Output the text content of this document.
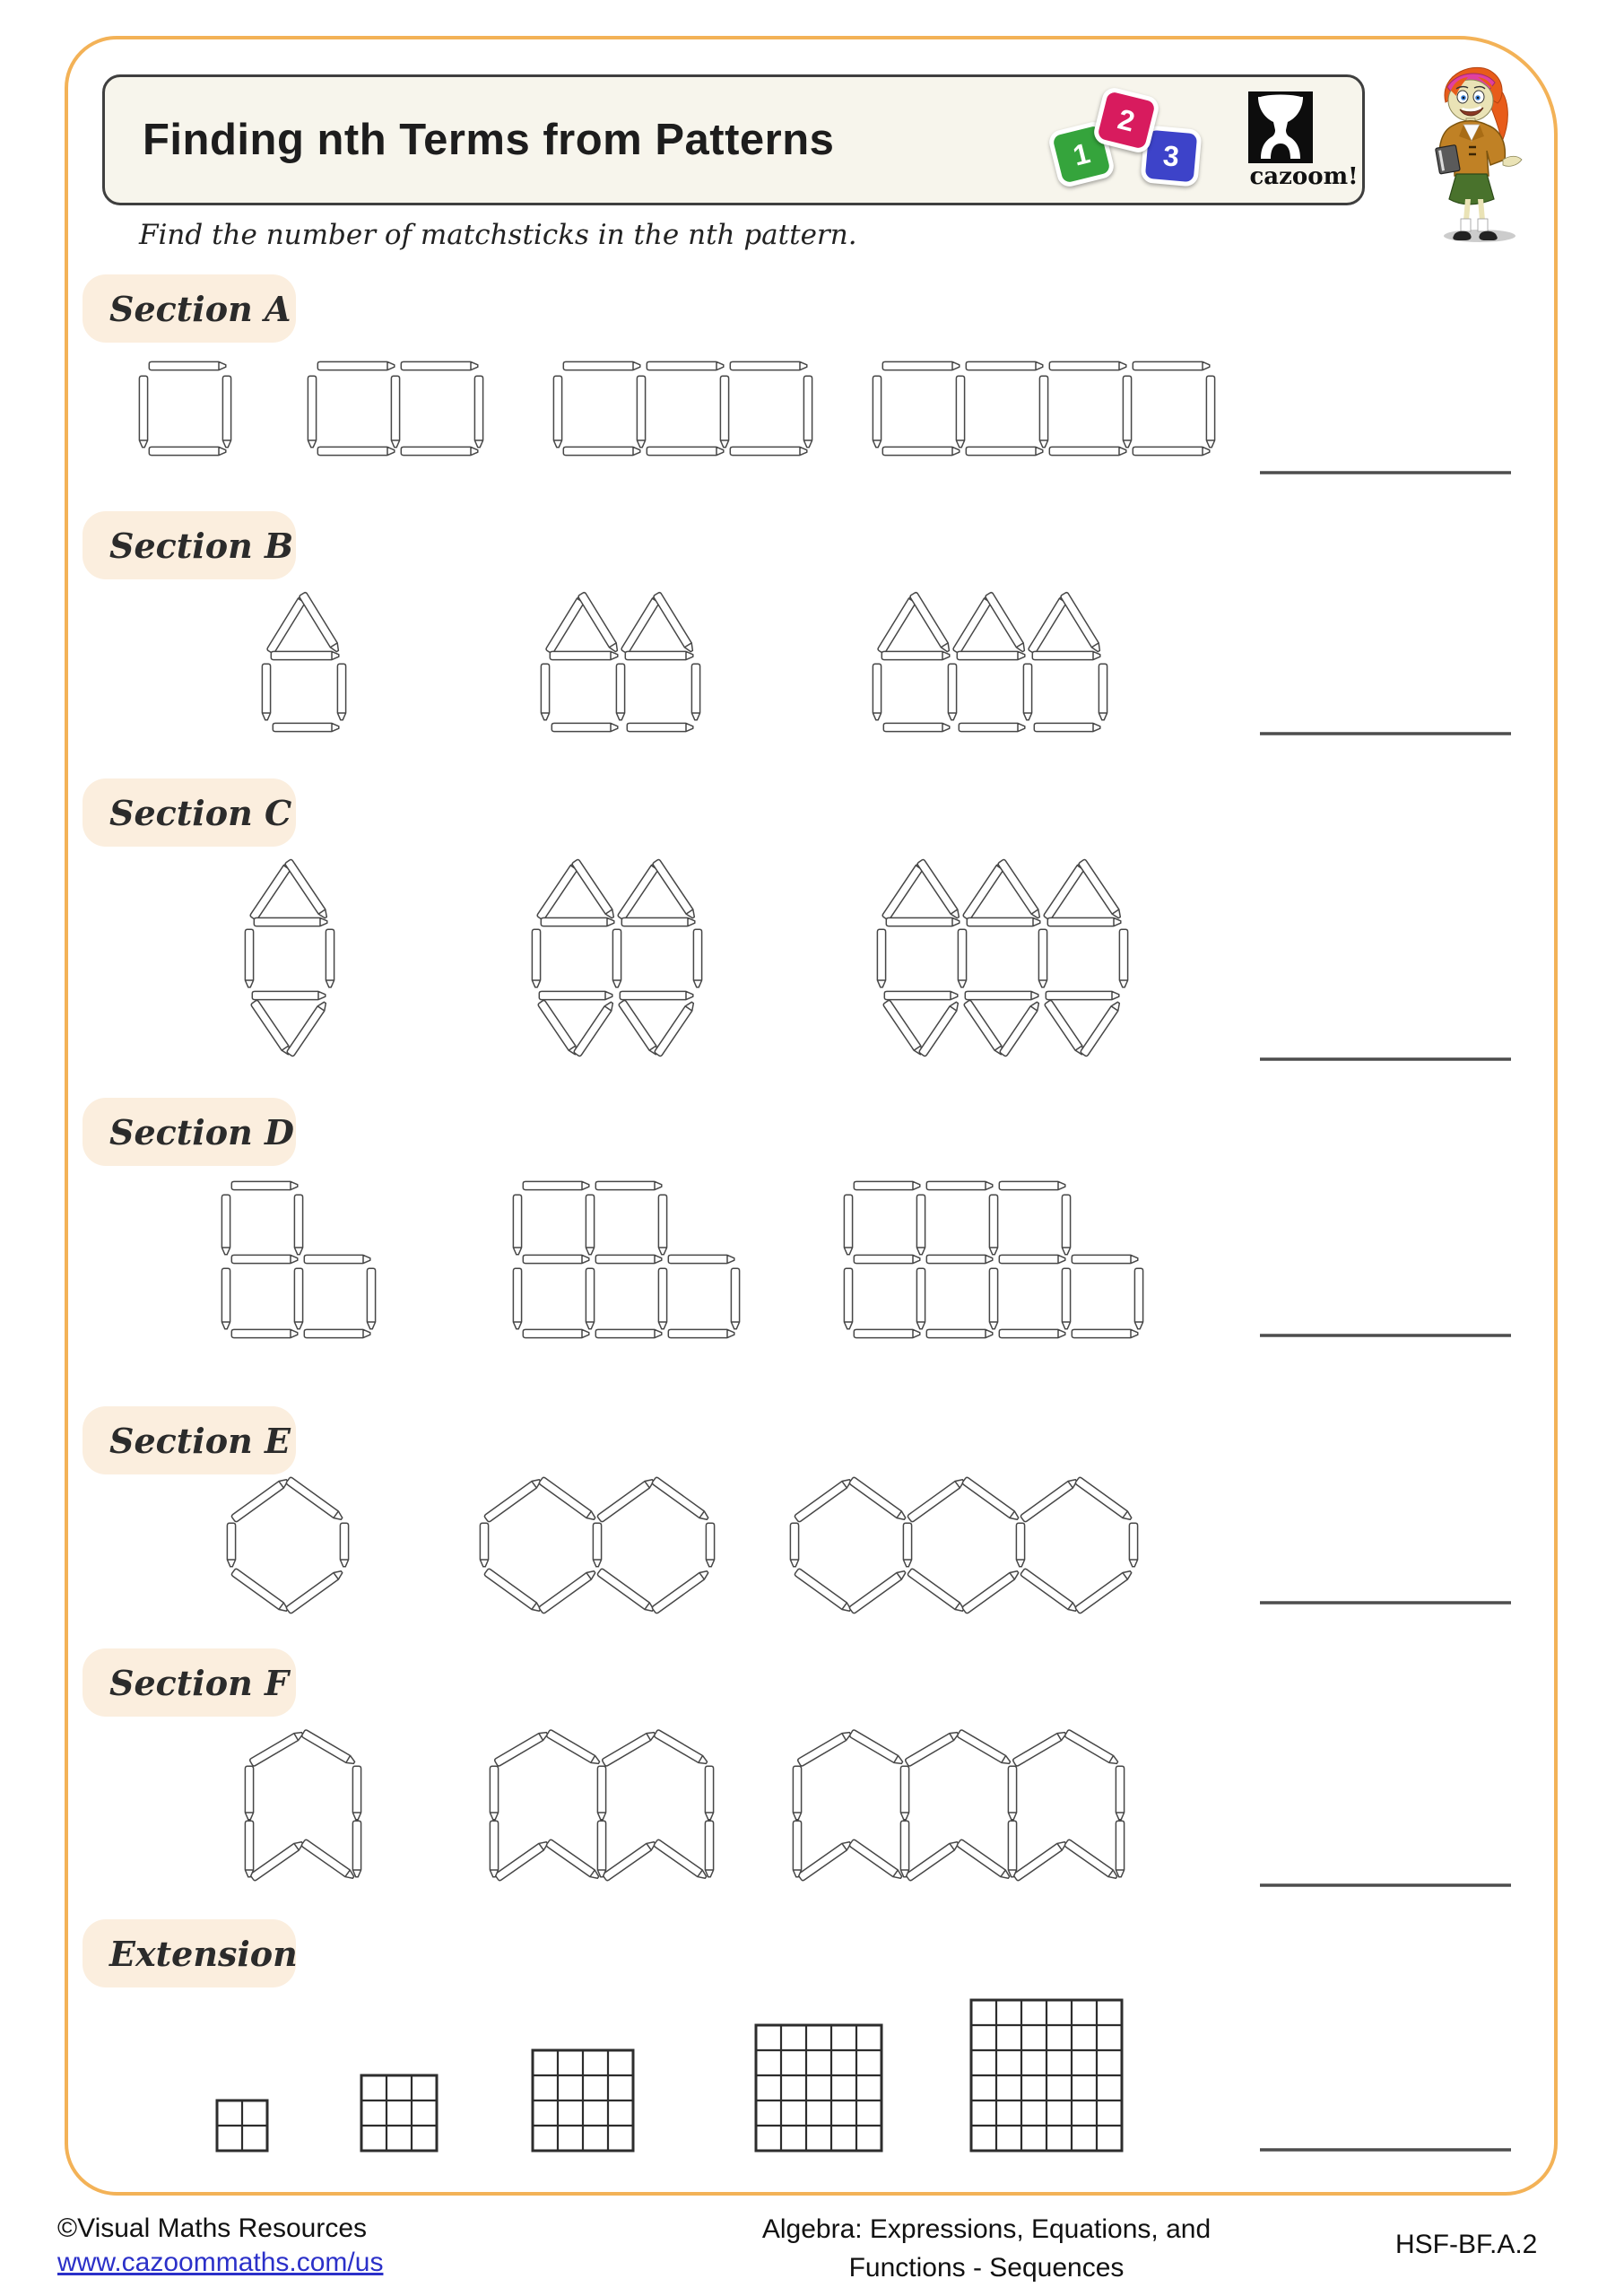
Finding nth Terms from Patterns	1
2
3
cazoom!
Find the number of matchsticks in the nth pattern.
Section A
Section B
Section C
Section D
Section E
Section F
Extension
©Visual Maths Resources
www.cazoommaths.com/us
Algebra: Expressions, Equations, and
Functions - Sequences
HSF-BF.A.2
